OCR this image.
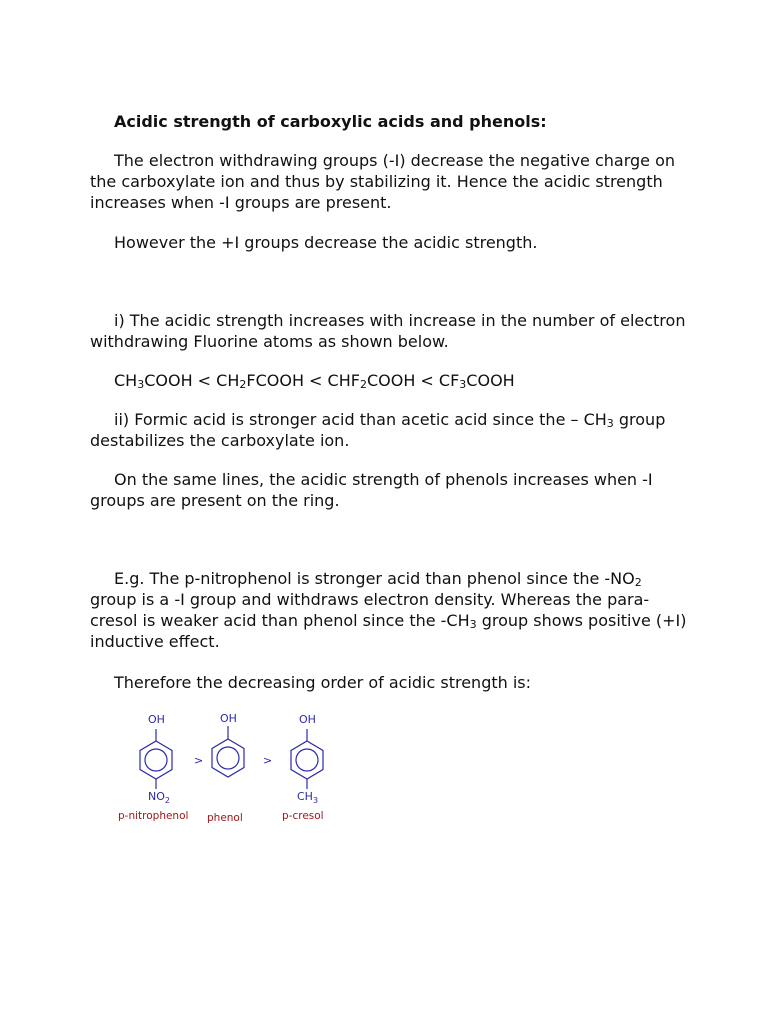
Acidic strength of carboxylic acids and phenols:

The electron withdrawing groups (-I) decrease the negative charge on the carboxylate ion and thus by stabilizing it. Hence the acidic strength increases when -I groups are present.

However the +I groups decrease the acidic strength.

i) The acidic strength increases with increase in the number of electron withdrawing Fluorine atoms as shown below.

$CH_3COOH$ < $CH_2FCOOH$ < $CHF_2COOH$ < $CF_3COOH$

ii) Formic acid is stronger acid than acetic acid since the – $CH_3$ group destabilizes the carboxylate ion.

On the same lines, the acidic strength of phenols increases when -I groups are present on the ring.

E.g. The p-nitrophenol is stronger acid than phenol since the $-NO_2$ group is a -I group and withdraws electron density. Whereas the para-cresol is weaker acid than phenol since the $-CH_3$ group shows positive (+I) inductive effect.

Therefore the decreasing order of acidic strength is:

OH	OH	OH
>	>
$NO_2$	$CH_3$
p-nitrophenol phenol	p-cresol
